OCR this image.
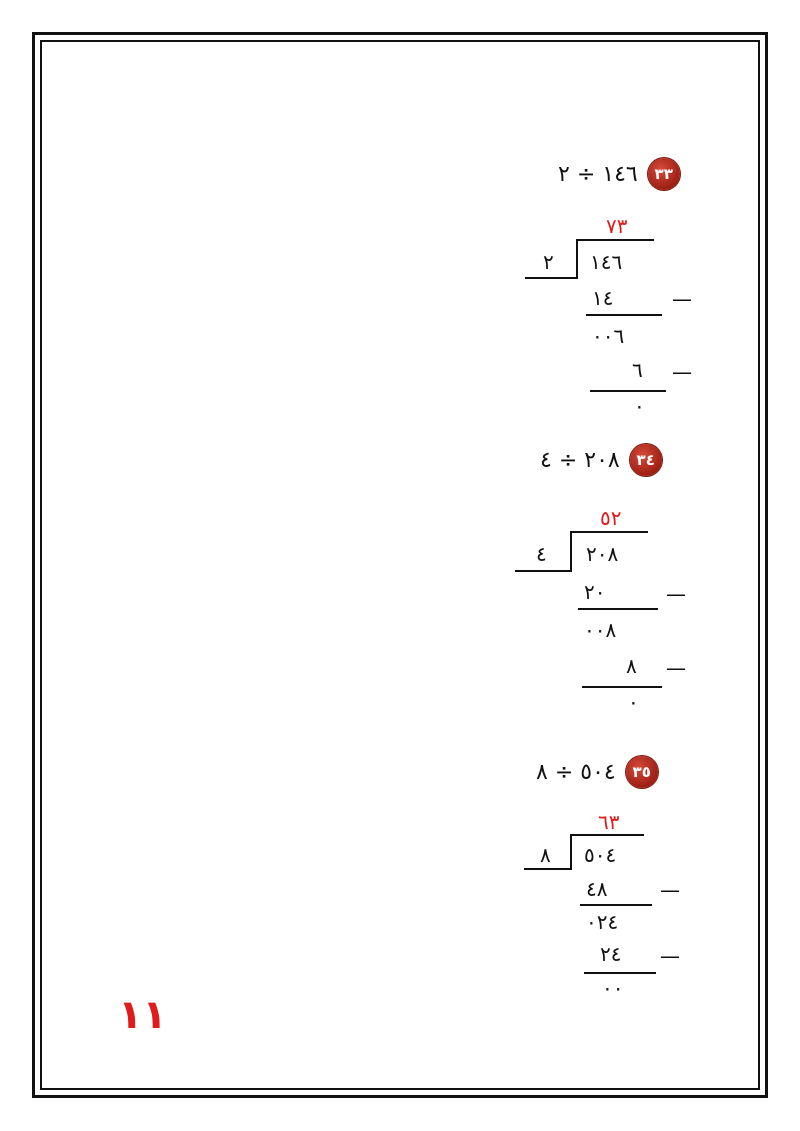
٣٣
١٤٦ ÷ ٢
٧٣
٢ ١٤٦
١٤	—
٠٠٦
٦ —
٠
٣٤
٢٠٨ ÷ ٤
٥٢
٤ ٢٠٨
٢٠	—
٠٠٨
٨ —
٠
٣٥
٥٠٤ ÷ ٨
٦٣
٨ ٥٠٤
٤٨	—
٠٢٤
٢٤ —
٠٠
١١
